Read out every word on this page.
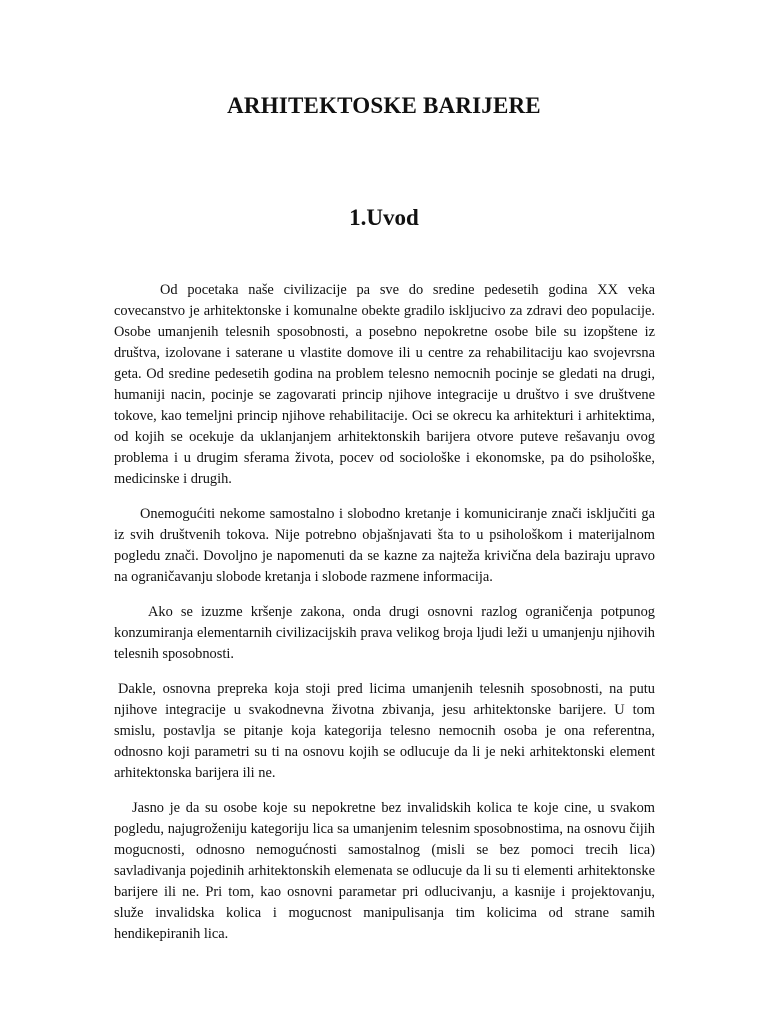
ARHITEKTOSKE BARIJERE
1.Uvod

Od pocetaka naše civilizacije pa sve do sredine pedesetih godina XX veka covecanstvo je arhitektonske i komunalne obekte gradilo iskljucivo za zdravi deo populacije. Osobe umanjenih telesnih sposobnosti, a posebno nepokretne osobe bile su izopštene iz društva, izolovane i saterane u vlastite domove ili u centre za rehabilitaciju kao svojevrsna geta. Od sredine pedesetih godina na problem telesno nemocnih pocinje se gledati na drugi, humaniji nacin, pocinje se zagovarati princip njihove integracije u društvo i sve društvene tokove, kao temeljni princip njihove rehabilitacije. Oci se okrecu ka arhitekturi i arhitektima, od kojih se ocekuje da uklanjanjem arhitektonskih barijera otvore puteve rešavanju ovog problema i u drugim sferama života, pocev od sociološke i ekonomske, pa do psihološke, medicinske i drugih.

Onemogućiti nekome samostalno i slobodno kretanje i komuniciranje znači isključiti ga iz svih društvenih tokova. Nije potrebno objašnjavati šta to u psihološkom i materijalnom pogledu znači. Dovoljno je napomenuti da se kazne za najteža krivična dela baziraju upravo na ograničavanju slobode kretanja i slobode razmene informacija.

Ako se izuzme kršenje zakona, onda drugi osnovni razlog ograničenja potpunog konzumiranja elementarnih civilizacijskih prava velikog broja ljudi leži u umanjenju njihovih telesnih sposobnosti.

Dakle, osnovna prepreka koja stoji pred licima umanjenih telesnih sposobnosti, na putu njihove integracije u svakodnevna životna zbivanja, jesu arhitektonske barijere. U tom smislu, postavlja se pitanje koja kategorija telesno nemocnih osoba je ona referentna, odnosno koji parametri su ti na osnovu kojih se odlucuje da li je neki arhitektonski element arhitektonska barijera ili ne.

Jasno je da su osobe koje su nepokretne bez invalidskih kolica te koje cine, u svakom pogledu, najugroženiju kategoriju lica sa umanjenim telesnim sposobnostima, na osnovu čijih mogucnosti, odnosno nemogućnosti samostalnog (misli se bez pomoci trecih lica) savladivanja pojedinih arhitektonskih elemenata se odlucuje da li su ti elementi arhitektonske barijere ili ne. Pri tom, kao osnovni parametar pri odlucivanju, a kasnije i projektovanju, služe invalidska kolica i mogucnost manipulisanja tim kolicima od strane samih hendikepiranih lica.
